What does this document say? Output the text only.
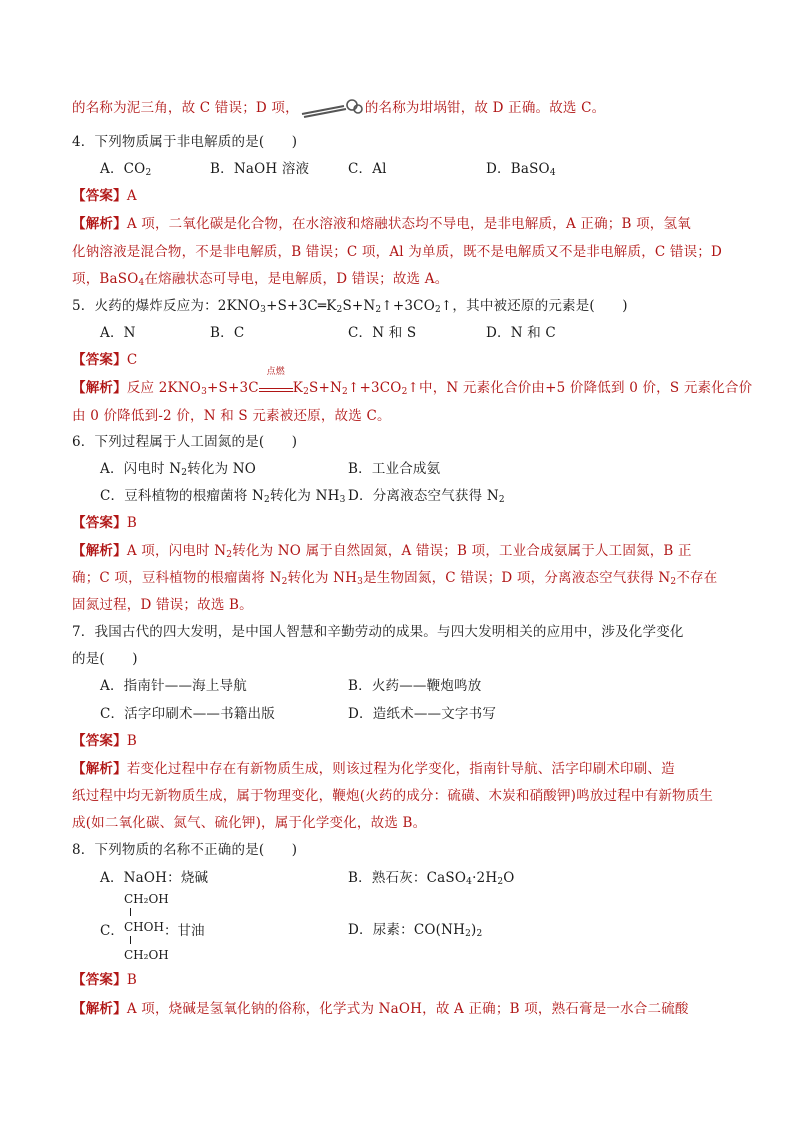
的名称为泥三角，故 C 错误；D 项，	的名称为坩埚钳，故 D 正确。故选 C。
4．下列物质属于非电解质的是(　　)
A．$CO_2$	B．NaOH 溶液	C．Al	D．BaSO$_4$
【答案】A
【解析】A 项，二氧化碳是化合物，在水溶液和熔融状态均不导电，是非电解质，A 正确；B 项，氢氧
化钠溶液是混合物，不是非电解质，B 错误；C 项，Al 为单质，既不是电解质又不是非电解质，C 错误；D
项，BaSO$_4$在熔融状态可导电，是电解质，D 错误；故选 A。
5．火药的爆炸反应为：$2KNO_3+S+3C═K_2S+N_2↑+3CO_2↑$，其中被还原的元素是(　　)
A．N	B．C	C．N 和 S	D．N 和 C
【答案】C
【解析】反应 $2KNO_3+S+3C$
点燃
$K_2S+N_2↑+3CO_2↑$中，N 元素化合价由+5 价降低到 0 价，S 元素化合价
由 0 价降低到-2 价，N 和 S 元素被还原，故选 C。
6．下列过程属于人工固氮的是(　　)
A．闪电时 $N_2$转化为 NO	B．工业合成氨
C．豆科植物的根瘤菌将 $N_2$转化为 $NH_3$ D．分离液态空气获得 $N_2$
【答案】B
【解析】A 项，闪电时 $N_2$转化为 NO 属于自然固氮，A 错误；B 项，工业合成氨属于人工固氮，B 正
确；C 项，豆科植物的根瘤菌将 $N_2$转化为 $NH_3$是生物固氮，C 错误；D 项，分离液态空气获得 $N_2$不存在
固氮过程，D 错误；故选 B。
7．我国古代的四大发明，是中国人智慧和辛勤劳动的成果。与四大发明相关的应用中，涉及化学变化
的是(　　)
A．指南针——海上导航	B．火药——鞭炮鸣放
C．活字印刷术——书籍出版	D．造纸术——文字书写
【答案】B
【解析】若变化过程中存在有新物质生成，则该过程为化学变化，指南针导航、活字印刷术印刷、造
纸过程中均无新物质生成，属于物理变化，鞭炮(火药的成分：硫磺、木炭和硝酸钾)鸣放过程中有新物质生
成(如二氧化碳、氮气、硫化钾)，属于化学变化，故选 B。
8．下列物质的名称不正确的是(　　)
A．NaOH：烧碱	B．熟石灰：$CaSO_4\cdot 2H_2O$
CH₂OH
C． CHOH ：甘油
CH₂OH
D．尿素：$CO(NH_2)_2$
【答案】B
【解析】A 项，烧碱是氢氧化钠的俗称，化学式为 NaOH，故 A 正确；B 项，熟石膏是一水合二硫酸
